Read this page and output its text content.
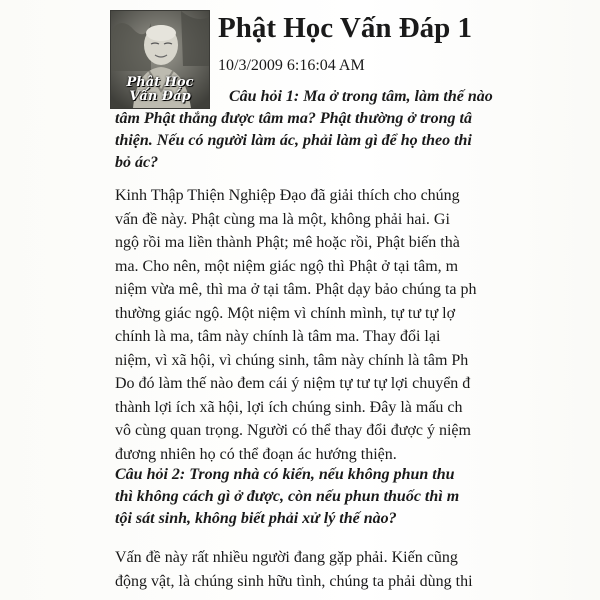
Phật Học
Vấn Đáp
Phật Học Vấn Đáp 1
10/3/2009 6:16:04 AM
Câu hỏi 1: Ma ở trong tâm, làm thế nào
tâm Phật thắng được tâm ma? Phật thường ở trong tâ
thiện. Nếu có người làm ác, phải làm gì để họ theo thi
bỏ ác?
Kinh Thập Thiện Nghiệp Đạo đã giải thích cho chúng
vấn đề này. Phật cùng ma là một, không phải hai. Gi
ngộ rồi ma liền thành Phật; mê hoặc rồi, Phật biến thà
ma. Cho nên, một niệm giác ngộ thì Phật ở tại tâm, m
niệm vừa mê, thì ma ở tại tâm. Phật dạy bảo chúng ta ph
thường giác ngộ. Một niệm vì chính mình, tự tư tự lợ
chính là ma, tâm này chính là tâm ma. Thay đổi lại
niệm, vì xã hội, vì chúng sinh, tâm này chính là tâm Ph
Do đó làm thế nào đem cái ý niệm tự tư tự lợi chuyển đ
thành lợi ích xã hội, lợi ích chúng sinh. Đây là mấu ch
vô cùng quan trọng. Người có thể thay đổi được ý niệm
đương nhiên họ có thể đoạn ác hướng thiện.
Câu hỏi 2: Trong nhà có kiến, nếu không phun thu
thì không cách gì ở được, còn nếu phun thuốc thì m
tội sát sinh, không biết phải xử lý thế nào?
Vấn đề này rất nhiều người đang gặp phải. Kiến cũng
động vật, là chúng sinh hữu tình, chúng ta phải dùng thi
